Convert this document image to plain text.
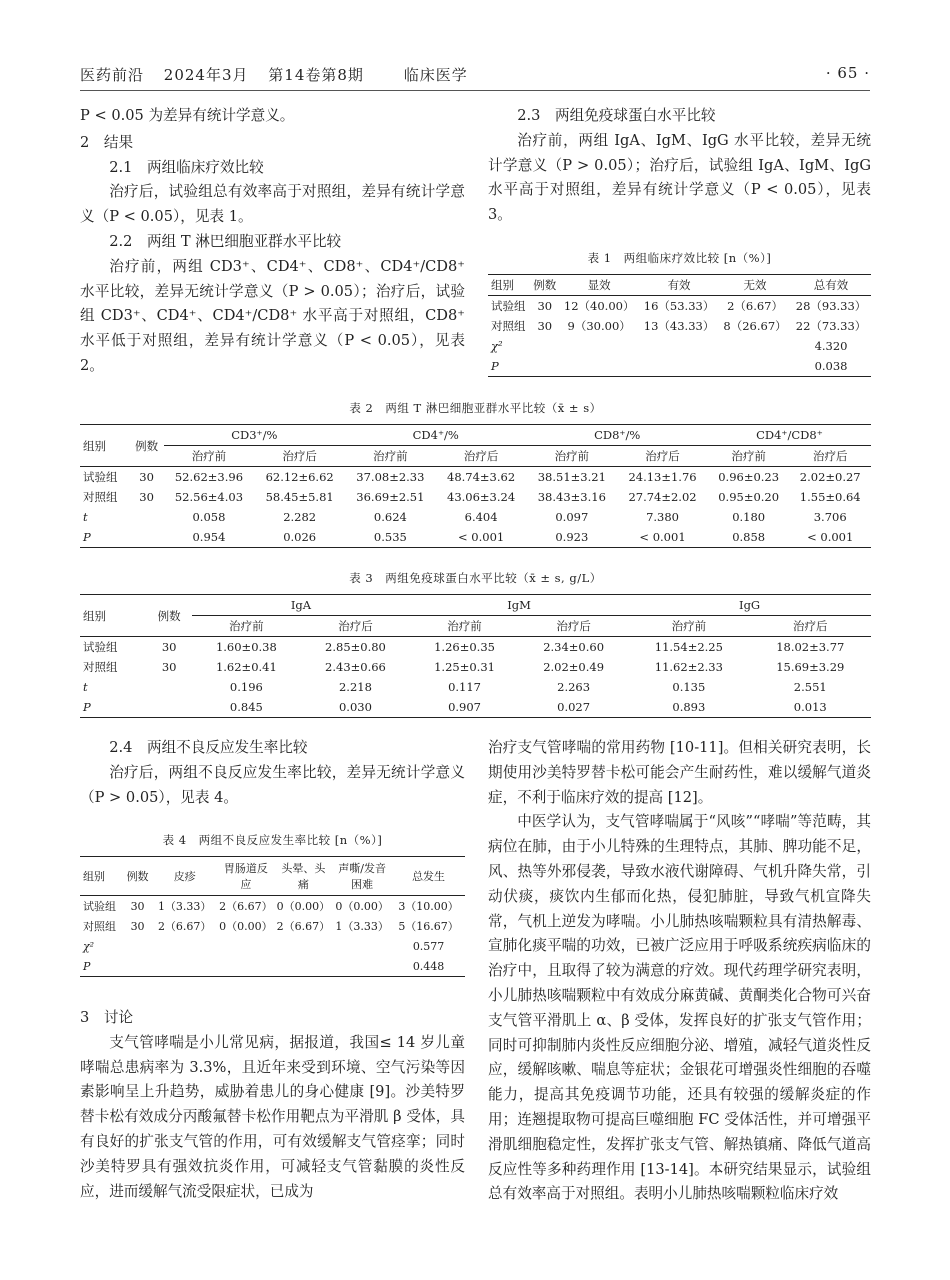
医药前沿 2024年3月 第14卷第8期	临床医学	· 65 ·

P < 0.05 为差异有统计学意义。

2　结果

2.1　两组临床疗效比较

治疗后，试验组总有效率高于对照组，差异有统计学意义（P < 0.05），见表 1。

2.2　两组 T 淋巴细胞亚群水平比较

治疗前，两组 CD3⁺、CD4⁺、CD8⁺、CD4⁺/CD8⁺ 水平比较，差异无统计学意义（P > 0.05）；治疗后，试验组 CD3⁺、CD4⁺、CD4⁺/CD8⁺ 水平高于对照组，CD8⁺ 水平低于对照组，差异有统计学意义（P < 0.05），见表 2。

2.3　两组免疫球蛋白水平比较

治疗前，两组 IgA、IgM、IgG 水平比较，差异无统计学意义（P > 0.05）；治疗后，试验组 IgA、IgM、IgG 水平高于对照组，差异有统计学意义（P < 0.05），见表 3。

表 1　两组临床疗效比较 [n（%）]
组别	例数	显效	有效	无效	总有效
试验组	30	12（40.00）	16（53.33）	2（6.67）	28（93.33）
对照组	30	9（30.00）	13（43.33）	8（26.67）	22（73.33）
χ²					4.320
P					0.038
表 2　两组 T 淋巴细胞亚群水平比较（x̄ ± s）
组别	例数	CD3⁺/%		CD4⁺/%		CD8⁺/%		CD4⁺/CD8⁺	
		治疗前	治疗后	治疗前	治疗后	治疗前	治疗后	治疗前	治疗后
试验组	30	52.62±3.96	62.12±6.62	37.08±2.33	48.74±3.62	38.51±3.21	24.13±1.76	0.96±0.23	2.02±0.27
对照组	30	52.56±4.03	58.45±5.81	36.69±2.51	43.06±3.24	38.43±3.16	27.74±2.02	0.95±0.20	1.55±0.64
t		0.058	2.282	0.624	6.404	0.097	7.380	0.180	3.706
P		0.954	0.026	0.535	< 0.001	0.923	< 0.001	0.858	< 0.001
表 3　两组免疫球蛋白水平比较（x̄ ± s, g/L）
组别	例数	IgA		IgM		IgG	
		治疗前	治疗后	治疗前	治疗后	治疗前	治疗后
试验组	30	1.60±0.38	2.85±0.80	1.26±0.35	2.34±0.60	11.54±2.25	18.02±3.77
对照组	30	1.62±0.41	2.43±0.66	1.25±0.31	2.02±0.49	11.62±2.33	15.69±3.29
t		0.196	2.218	0.117	2.263	0.135	2.551
P		0.845	0.030	0.907	0.027	0.893	0.013

2.4　两组不良反应发生率比较

治疗后，两组不良反应发生率比较，差异无统计学意义（P > 0.05），见表 4。

表 4　两组不良反应发生率比较 [n（%）]
组别	例数	皮疹	胃肠道反应	头晕、头痛	声嘶/发音困难	总发生
试验组	30	1（3.33）	2（6.67）	0（0.00）	0（0.00）	3（10.00）
对照组	30	2（6.67）	0（0.00）	2（6.67）	1（3.33）	5（16.67）
χ²						0.577
P						0.448

3　讨论

支气管哮喘是小儿常见病，据报道，我国≤ 14 岁儿童哮喘总患病率为 3.3%，且近年来受到环境、空气污染等因素影响呈上升趋势，威胁着患儿的身心健康 [9]。沙美特罗替卡松有效成分丙酸氟替卡松作用靶点为平滑肌 β 受体，具有良好的扩张支气管的作用，可有效缓解支气管痉挛；同时沙美特罗具有强效抗炎作用，可减轻支气管黏膜的炎性反应，进而缓解气流受限症状，已成为

治疗支气管哮喘的常用药物 [10-11]。但相关研究表明，长期使用沙美特罗替卡松可能会产生耐药性，难以缓解气道炎症，不利于临床疗效的提高 [12]。

中医学认为，支气管哮喘属于“风咳”“哮喘”等范畴，其病位在肺，由于小儿特殊的生理特点，其肺、脾功能不足，风、热等外邪侵袭，导致水液代谢障碍、气机升降失常，引动伏痰，痰饮内生郁而化热，侵犯肺脏，导致气机宣降失常，气机上逆发为哮喘。小儿肺热咳喘颗粒具有清热解毒、宣肺化痰平喘的功效，已被广泛应用于呼吸系统疾病临床的治疗中，且取得了较为满意的疗效。现代药理学研究表明，小儿肺热咳喘颗粒中有效成分麻黄碱、黄酮类化合物可兴奋支气管平滑肌上 α、β 受体，发挥良好的扩张支气管作用；同时可抑制肺内炎性反应细胞分泌、增殖，减轻气道炎性反应，缓解咳嗽、喘息等症状；金银花可增强炎性细胞的吞噬能力，提高其免疫调节功能，还具有较强的缓解炎症的作用；连翘提取物可提高巨噬细胞 FC 受体活性，并可增强平滑肌细胞稳定性，发挥扩张支气管、解热镇痛、降低气道高反应性等多种药理作用 [13-14]。本研究结果显示，试验组总有效率高于对照组。表明小儿肺热咳喘颗粒临床疗效
